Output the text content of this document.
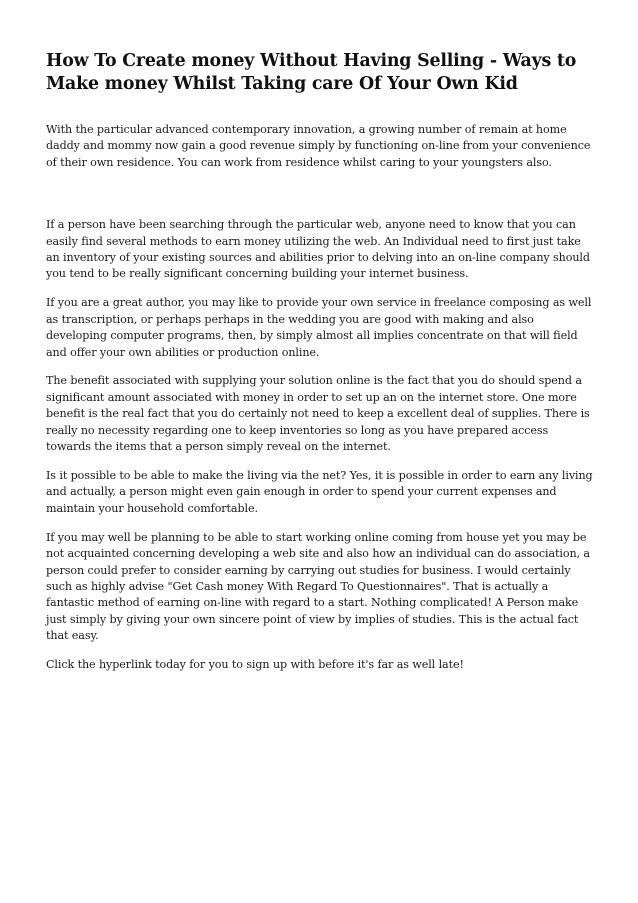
How To Create money Without Having Selling - Ways to Make money Whilst Taking care Of Your Own Kid

With the particular advanced contemporary innovation, a growing number of remain at home daddy and mommy now gain a good revenue simply by functioning on-line from your convenience of their own residence. You can work from residence whilst caring to your youngsters also.

If a person have been searching through the particular web, anyone need to know that you can easily find several methods to earn money utilizing the web. An Individual need to first just take an inventory of your existing sources and abilities prior to delving into an on-line company should you tend to be really significant concerning building your internet business.

If you are a great author, you may like to provide your own service in freelance composing as well as transcription, or perhaps perhaps in the wedding you are good with making and also developing computer programs, then, by simply almost all implies concentrate on that will field and offer your own abilities or production online.

The benefit associated with supplying your solution online is the fact that you do should spend a significant amount associated with money in order to set up an on the internet store. One more benefit is the real fact that you do certainly not need to keep a excellent deal of supplies. There is really no necessity regarding one to keep inventories so long as you have prepared access towards the items that a person simply reveal on the internet.

Is it possible to be able to make the living via the net? Yes, it is possible in order to earn any living and actually, a person might even gain enough in order to spend your current expenses and maintain your household comfortable.

If you may well be planning to be able to start working online coming from house yet you may be not acquainted concerning developing a web site and also how an individual can do association, a person could prefer to consider earning by carrying out studies for business. I would certainly such as highly advise "Get Cash money With Regard To Questionnaires". That is actually a fantastic method of earning on-line with regard to a start. Nothing complicated! A Person make just simply by giving your own sincere point of view by implies of studies. This is the actual fact that easy.

Click the hyperlink today for you to sign up with before it's far as well late!
